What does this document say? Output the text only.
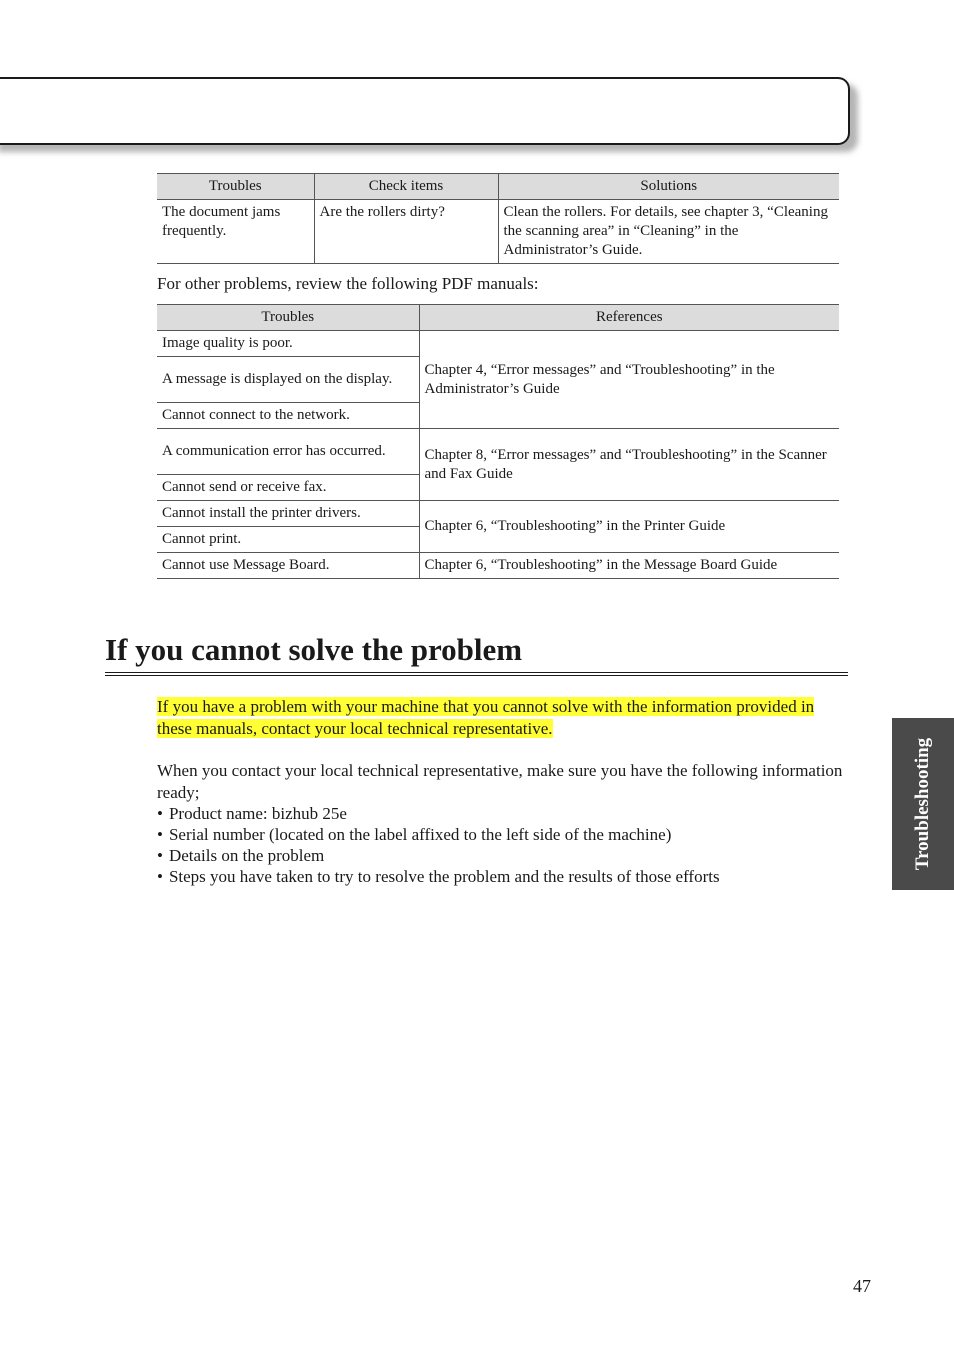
Troubles	Check items	Solutions
The document jams frequently.	Are the rollers dirty?	Clean the rollers. For details, see chapter 3, “Cleaning the scanning area” in “Cleaning” in the Administrator’s Guide.

For other problems, review the following PDF manuals:

Troubles	References
Image quality is poor.	Chapter 4, “Error messages” and “Troubleshooting” in the Administrator’s Guide
A message is displayed on the display.	
Cannot connect to the network.	
A communication error has occurred.	Chapter 8, “Error messages” and “Troubleshooting” in the Scanner and Fax Guide
Cannot send or receive fax.	
Cannot install the printer drivers.	Chapter 6, “Troubleshooting” in the Printer Guide
Cannot print.	
Cannot use Message Board.	Chapter 6, “Troubleshooting” in the Message Board Guide
If you cannot solve the problem

If you have a problem with your machine that you cannot solve with the information provided in these manuals, contact your local technical representative.

When you contact your local technical representative, make sure you have the following information ready;

• Product name: bizhub 25e
• Serial number (located on the label affixed to the left side of the machine)
• Details on the problem
• Steps you have taken to try to resolve the problem and the results of those efforts
Troubleshooting

47
